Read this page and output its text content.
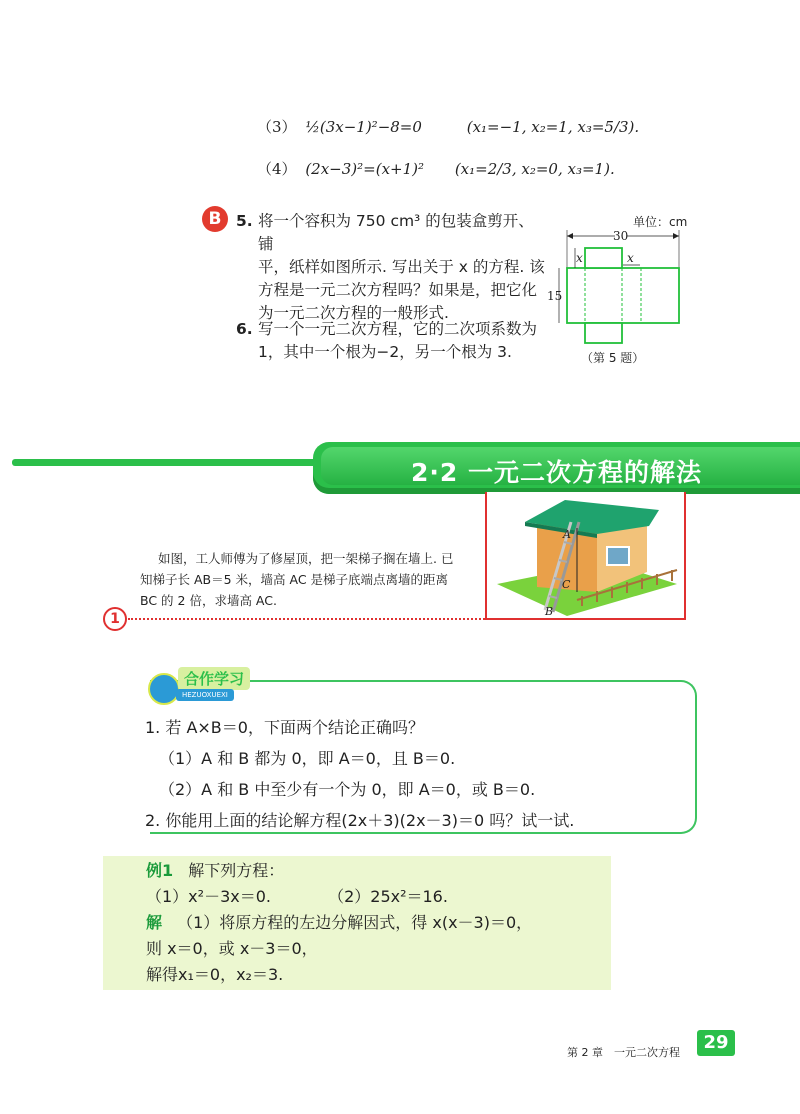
（3） ½(3x−1)²−8=0	(x₁=−1, x₂=1, x₃=5/3).
（4） (2x−3)²=(x+1)² (x₁=2/3, x₂=0, x₃=1).
B 5. 将一个容积为 750 cm³ 的包装盒剪开、铺
平，纸样如图所示. 写出关于 x 的方程. 该
方程是一元二次方程吗？如果是，把它化
为一元二次方程的一般形式.
6. 写一个一元二次方程，它的二次项系数为
1，其中一个根为−2，另一个根为 3.
单位：cm
30
x	x
15
（第 5 题）
2·2 一元二次方程的解法
如图，工人师傅为了修屋顶，把一架梯子搁在墙上. 已
知梯子长 AB＝5 米，墙高 AC 是梯子底端点离墙的距离
BC 的 2 倍，求墙高 AC.
1
A
B
C
合作学习
HEZUOXUEXI
1. 若 A×B＝0，下面两个结论正确吗？
（1）A 和 B 都为 0，即 A＝0，且 B＝0.
（2）A 和 B 中至少有一个为 0，即 A＝0，或 B＝0.
2. 你能用上面的结论解方程(2x＋3)(2x－3)＝0 吗？试一试.
例1 解下列方程：
（1）x²－3x＝0.	（2）25x²＝16.
解 （1）将原方程的左边分解因式，得 x(x－3)＝0，
则 x＝0，或 x－3＝0，
解得x₁＝0，x₂＝3.
第 2 章　一元二次方程	29
